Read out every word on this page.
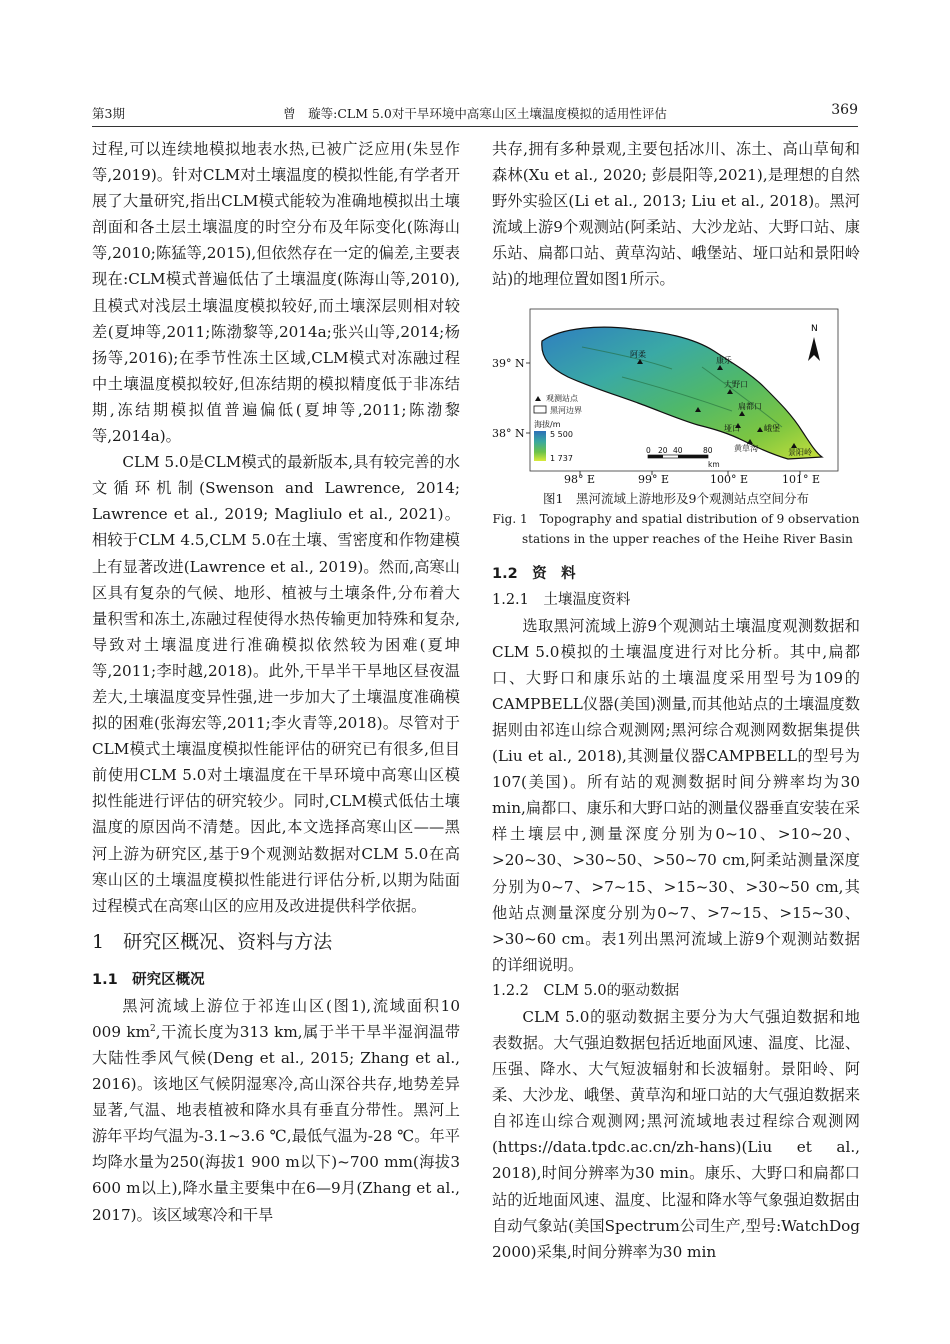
第3期	曾　璇等:CLM 5.0对干旱环境中高寒山区土壤温度模拟的适用性评估	369

过程,可以连续地模拟地表水热,已被广泛应用(朱昱作等,2019)。针对CLM对土壤温度的模拟性能,有学者开展了大量研究,指出CLM模式能较为准确地模拟出土壤剖面和各土层土壤温度的时空分布及年际变化(陈海山等,2010;陈猛等,2015),但依然存在一定的偏差,主要表现在:CLM模式普遍低估了土壤温度(陈海山等,2010),且模式对浅层土壤温度模拟较好,而土壤深层则相对较差(夏坤等,2011;陈渤黎等,2014a;张兴山等,2014;杨扬等,2016);在季节性冻土区域,CLM模式对冻融过程中土壤温度模拟较好,但冻结期的模拟精度低于非冻结期,冻结期模拟值普遍偏低(夏坤等,2011;陈渤黎等,2014a)。

CLM 5.0是CLM模式的最新版本,具有较完善的水文循环机制(Swenson and Lawrence, 2014; Lawrence et al., 2019; Magliulo et al., 2021)。相较于CLM 4.5,CLM 5.0在土壤、雪密度和作物建模上有显著改进(Lawrence et al., 2019)。然而,高寒山区具有复杂的气候、地形、植被与土壤条件,分布着大量积雪和冻土,冻融过程使得水热传输更加特殊和复杂,导致对土壤温度进行准确模拟依然较为困难(夏坤等,2011;李时越,2018)。此外,干旱半干旱地区昼夜温差大,土壤温度变异性强,进一步加大了土壤温度准确模拟的困难(张海宏等,2011;李火青等,2018)。尽管对于CLM模式土壤温度模拟性能评估的研究已有很多,但目前使用CLM 5.0对土壤温度在干旱环境中高寒山区模拟性能进行评估的研究较少。同时,CLM模式低估土壤温度的原因尚不清楚。因此,本文选择高寒山区——黑河上游为研究区,基于9个观测站数据对CLM 5.0在高寒山区的土壤温度模拟性能进行评估分析,以期为陆面过程模式在高寒山区的应用及改进提供科学依据。

1　研究区概况、资料与方法
1.1　研究区概况

黑河流域上游位于祁连山区(图1),流域面积10 009 $km^2$,干流长度为313 km,属于半干旱半湿润温带大陆性季风气候(Deng et al., 2015; Zhang et al., 2016)。该地区气候阴湿寒冷,高山深谷共存,地势差异显著,气温、地表植被和降水具有垂直分带性。黑河上游年平均气温为-3.1~3.6 ℃,最低气温为-28 ℃。年平均降水量为250(海拔1 900 m以下)~700 mm(海拔3 600 m以上),降水量主要集中在6—9月(Zhang et al., 2017)。该区域寒冷和干旱

共存,拥有多种景观,主要包括冰川、冻土、高山草甸和森林(Xu et al., 2020; 彭晨阳等,2021),是理想的自然野外实验区(Li et al., 2013; Liu et al., 2018)。黑河流域上游9个观测站(阿柔站、大沙龙站、大野口站、康乐站、扁都口站、黄草沟站、峨堡站、垭口站和景阳岭站)的地理位置如图1所示。

阿柔
康乐
大野口
扁都口
垭口	峨堡
黄草沟	景阳岭
N
观测站点
黑河边界
海拔/m
5 500
1 737
0 20 40	80
km
39° N
38° N
98° E	99° E	100° E	101° E
图1　黑河流域上游地形及9个观测站点空间分布
Fig. 1　Topography and spatial distribution of 9 observation
stations in the upper reaches of the Heihe River Basin
1.2　资　料
1.2.1　土壤温度资料

选取黑河流域上游9个观测站土壤温度观测数据和CLM 5.0模拟的土壤温度进行对比分析。其中,扁都口、大野口和康乐站的土壤温度采用型号为109的CAMPBELL仪器(美国)测量,而其他站点的土壤温度数据则由祁连山综合观测网;黑河综合观测网数据集提供(Liu et al., 2018),其测量仪器CAMPBELL的型号为107(美国)。所有站的观测数据时间分辨率均为30 min,扁都口、康乐和大野口站的测量仪器垂直安装在采样土壤层中,测量深度分别为0~10、>10~20、>20~30、>30~50、>50~70 cm,阿柔站测量深度分别为0~7、>7~15、>15~30、>30~50 cm,其他站点测量深度分别为0~7、>7~15、>15~30、>30~60 cm。表1列出黑河流域上游9个观测站数据的详细说明。

1.2.2　CLM 5.0的驱动数据

CLM 5.0的驱动数据主要分为大气强迫数据和地表数据。大气强迫数据包括近地面风速、温度、比湿、压强、降水、大气短波辐射和长波辐射。景阳岭、阿柔、大沙龙、峨堡、黄草沟和垭口站的大气强迫数据来自祁连山综合观测网;黑河流域地表过程综合观测网(https://data.tpdc.ac.cn/zh-hans)(Liu et al., 2018),时间分辨率为30 min。康乐、大野口和扁都口站的近地面风速、温度、比湿和降水等气象强迫数据由自动气象站(美国Spectrum公司生产,型号:WatchDog 2000)采集,时间分辨率为30 min
